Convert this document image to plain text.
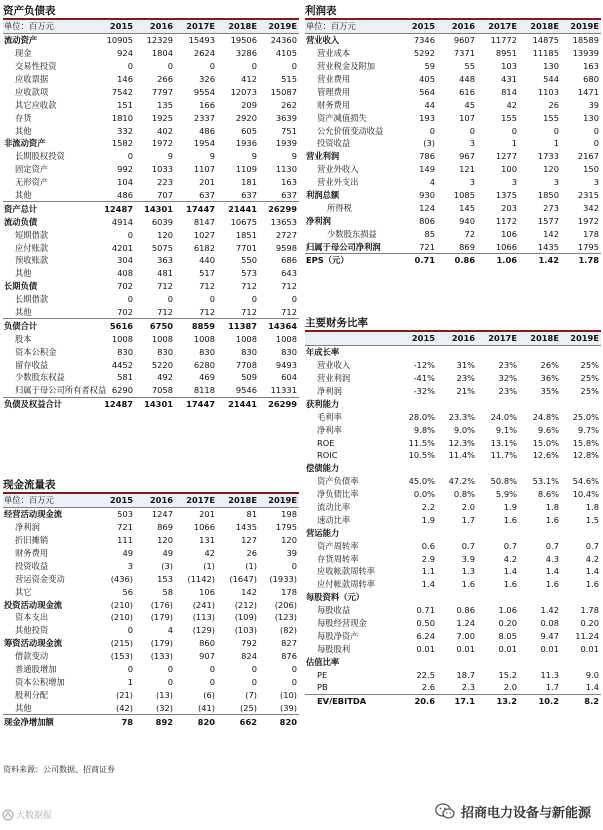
资产负债表
单位：百万元	2015	2016	2017E	2018E	2019E
流动资产	10905	12329	15493	19506	24360
现金	924	1804	2624	3286	4105
交易性投资	0	0	0	0	0
应收票据	146	266	326	412	515
应收款项	7542	7797	9554	12073	15087
其它应收款	151	135	166	209	262
存货	1810	1925	2337	2920	3639
其他	332	402	486	605	751
非流动资产	1582	1972	1954	1936	1939
长期股权投资	0	9	9	9	9
固定资产	992	1033	1107	1109	1130
无形资产	104	223	201	181	163
其他	486	707	637	637	637
资产总计	12487	14301	17447	21441	26299
流动负债	4914	6039	8147	10675	13653
短期借款	0	120	1027	1851	2727
应付账款	4201	5075	6182	7701	9598
预收账款	304	363	440	550	686
其他	408	481	517	573	643
长期负债	702	712	712	712	712
长期借款	0	0	0	0	0
其他	702	712	712	712	712
负债合计	5616	6750	8859	11387	14364
股本	1008	1008	1008	1008	1008
资本公积金	830	830	830	830	830
留存收益	4452	5220	6280	7708	9493
少数股东权益	581	492	469	509	604
归属于母公司所有者权益	6290	7058	8118	9546	11331
负债及权益合计	12487	14301	17447	21441	26299
现金流量表
单位：百万元	2015	2016	2017E	2018E	2019E
经营活动现金流	503	1247	201	81	198
净利润	721	869	1066	1435	1795
折旧摊销	111	120	131	127	120
财务费用	49	49	42	26	39
投资收益	3	(3)	(1)	(1)	0
营运资金变动	(436)	153	(1142)	(1647)	(1933)
其它	56	58	106	142	178
投资活动现金流	(210)	(176)	(241)	(212)	(206)
资本支出	(210)	(179)	(113)	(109)	(123)
其他投资	0	4	(129)	(103)	(82)
筹资活动现金流	(215)	(179)	860	792	827
借款变动	(153)	(133)	907	824	876
普通股增加	0	0	0	0	0
资本公积增加	1	0	0	0	0
股利分配	(21)	(13)	(6)	(7)	(10)
其他	(42)	(32)	(41)	(25)	(39)
现金净增加额	78	892	820	662	820
利润表
单位：百万元	2015	2016	2017E	2018E	2019E
营业收入	7346	9607	11772	14875	18589
营业成本	5292	7371	8951	11185	13939
营业税金及附加	59	55	103	130	163
营业费用	405	448	431	544	680
管理费用	564	616	814	1103	1471
财务费用	44	45	42	26	39
资产减值损失	193	107	155	155	130
公允价值变动收益	0	0	0	0	0
投资收益	(3)	3	1	1	0
营业利润	786	967	1277	1733	2167
营业外收入	149	121	100	120	150
营业外支出	4	3	3	3	3
利润总额	930	1085	1375	1850	2315
所得税	124	145	203	273	342
净利润	806	940	1172	1577	1972
少数股东损益	85	72	106	142	178
归属于母公司净利润	721	869	1066	1435	1795
EPS（元）	0.71	0.86	1.06	1.42	1.78
主要财务比率
	2015	2016	2017E	2018E	2019E
年成长率					
营业收入	-12%	31%	23%	26%	25%
营业利润	-41%	23%	32%	36%	25%
净利润	-32%	21%	23%	35%	25%
获利能力					
毛利率	28.0%	23.3%	24.0%	24.8%	25.0%
净利率	9.8%	9.0%	9.1%	9.6%	9.7%
ROE	11.5%	12.3%	13.1%	15.0%	15.8%
ROIC	10.5%	11.4%	11.7%	12.6%	12.8%
偿债能力					
资产负债率	45.0%	47.2%	50.8%	53.1%	54.6%
净负债比率	0.0%	0.8%	5.9%	8.6%	10.4%
流动比率	2.2	2.0	1.9	1.8	1.8
速动比率	1.9	1.7	1.6	1.6	1.5
营运能力					
资产周转率	0.6	0.7	0.7	0.7	0.7
存货周转率	2.9	3.9	4.2	4.3	4.2
应收帐款周转率	1.1	1.3	1.4	1.4	1.4
应付帐款周转率	1.4	1.6	1.6	1.6	1.6
每股资料（元）					
每股收益	0.71	0.86	1.06	1.42	1.78
每股经营现金	0.50	1.24	0.20	0.08	0.20
每股净资产	6.24	7.00	8.05	9.47	11.24
每股股利	0.01	0.01	0.01	0.01	0.01
估值比率					
PE	22.5	18.7	15.2	11.3	9.0
PB	2.6	2.3	2.0	1.7	1.4
EV/EBITDA	20.6	17.1	13.2	10.2	8.2
资料来源：公司数据、招商证券
大数据报	招商电力设备与新能源
